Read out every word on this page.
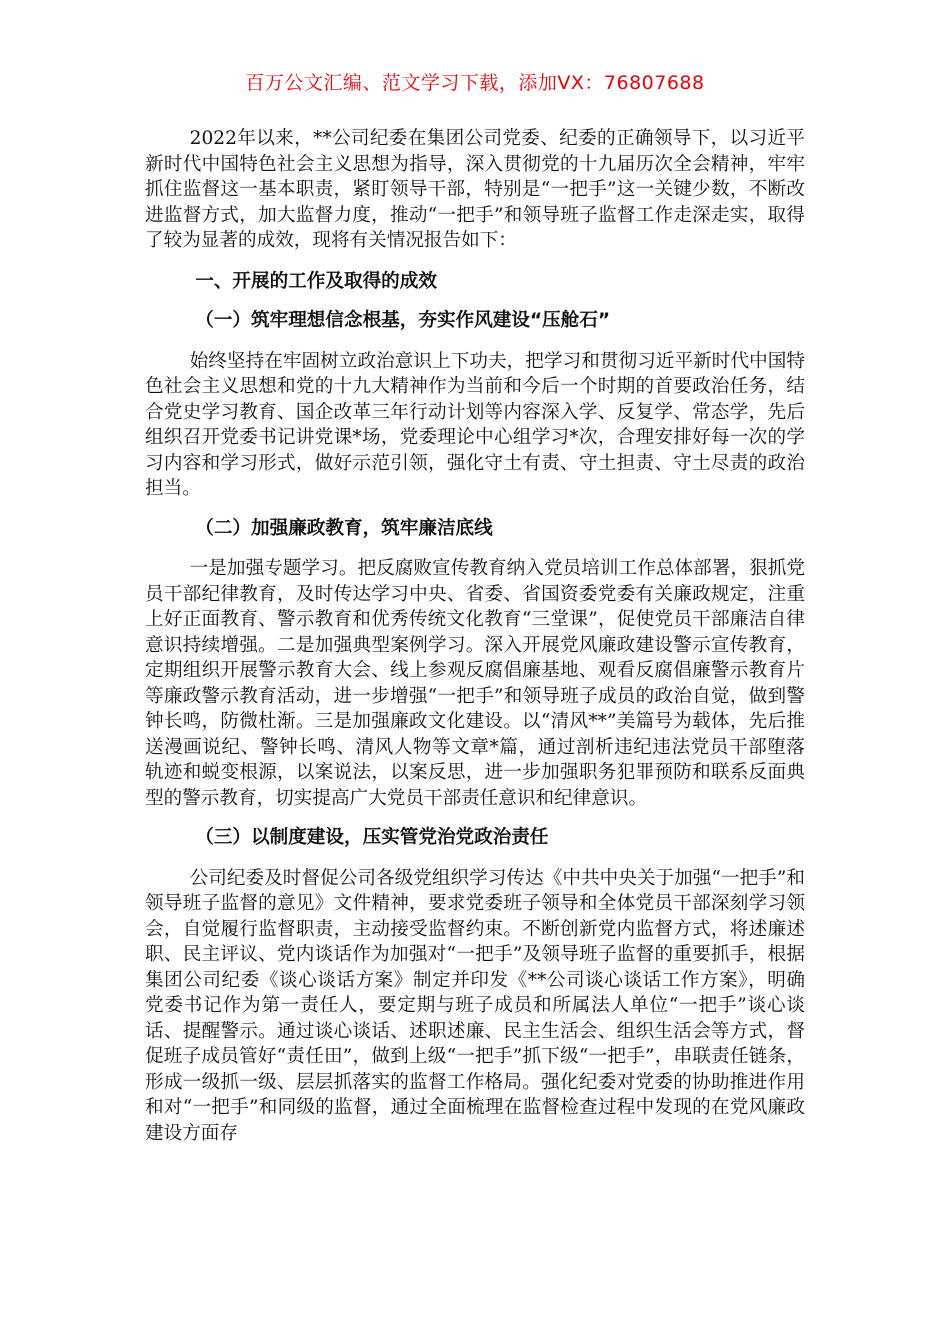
百万公文汇编、范文学习下载，添加VX：76807688

2022年以来，**公司纪委在集团公司党委、纪委的正确领导下，以习近平新时代中国特色社会主义思想为指导，深入贯彻党的十九届历次全会精神，牢牢抓住监督这一基本职责，紧盯领导干部，特别是“一把手”这一关键少数，不断改进监督方式，加大监督力度，推动“一把手”和领导班子监督工作走深走实，取得了较为显著的成效，现将有关情况报告如下：

一、开展的工作及取得的成效
（一）筑牢理想信念根基，夯实作风建设“压舱石”

始终坚持在牢固树立政治意识上下功夫，把学习和贯彻习近平新时代中国特色社会主义思想和党的十九大精神作为当前和今后一个时期的首要政治任务，结合党史学习教育、国企改革三年行动计划等内容深入学、反复学、常态学，先后组织召开党委书记讲党课*场，党委理论中心组学习*次，合理安排好每一次的学习内容和学习形式，做好示范引领，强化守土有责、守土担责、守土尽责的政治担当。

（二）加强廉政教育，筑牢廉洁底线

一是加强专题学习。把反腐败宣传教育纳入党员培训工作总体部署，狠抓党员干部纪律教育，及时传达学习中央、省委、省国资委党委有关廉政规定，注重上好正面教育、警示教育和优秀传统文化教育“三堂课”，促使党员干部廉洁自律意识持续增强。二是加强典型案例学习。深入开展党风廉政建设警示宣传教育，定期组织开展警示教育大会、线上参观反腐倡廉基地、观看反腐倡廉警示教育片等廉政警示教育活动，进一步增强“一把手”和领导班子成员的政治自觉，做到警钟长鸣，防微杜渐。三是加强廉政文化建设。以“清风**”美篇号为载体，先后推送漫画说纪、警钟长鸣、清风人物等文章*篇，通过剖析违纪违法党员干部堕落轨迹和蜕变根源，以案说法，以案反思，进一步加强职务犯罪预防和联系反面典型的警示教育，切实提高广大党员干部责任意识和纪律意识。

（三）以制度建设，压实管党治党政治责任

公司纪委及时督促公司各级党组织学习传达《中共中央关于加强“一把手”和领导班子监督的意见》文件精神，要求党委班子领导和全体党员干部深刻学习领会，自觉履行监督职责，主动接受监督约束。不断创新党内监督方式，将述廉述职、民主评议、党内谈话作为加强对“一把手”及领导班子监督的重要抓手，根据集团公司纪委《谈心谈话方案》制定并印发《**公司谈心谈话工作方案》，明确党委书记作为第一责任人，要定期与班子成员和所属法人单位“一把手”谈心谈话、提醒警示。通过谈心谈话、述职述廉、民主生活会、组织生活会等方式，督促班子成员管好“责任田”，做到上级“一把手”抓下级“一把手”，串联责任链条，形成一级抓一级、层层抓落实的监督工作格局。强化纪委对党委的协助推进作用和对“一把手”和同级的监督，通过全面梳理在监督检查过程中发现的在党风廉政建设方面存
